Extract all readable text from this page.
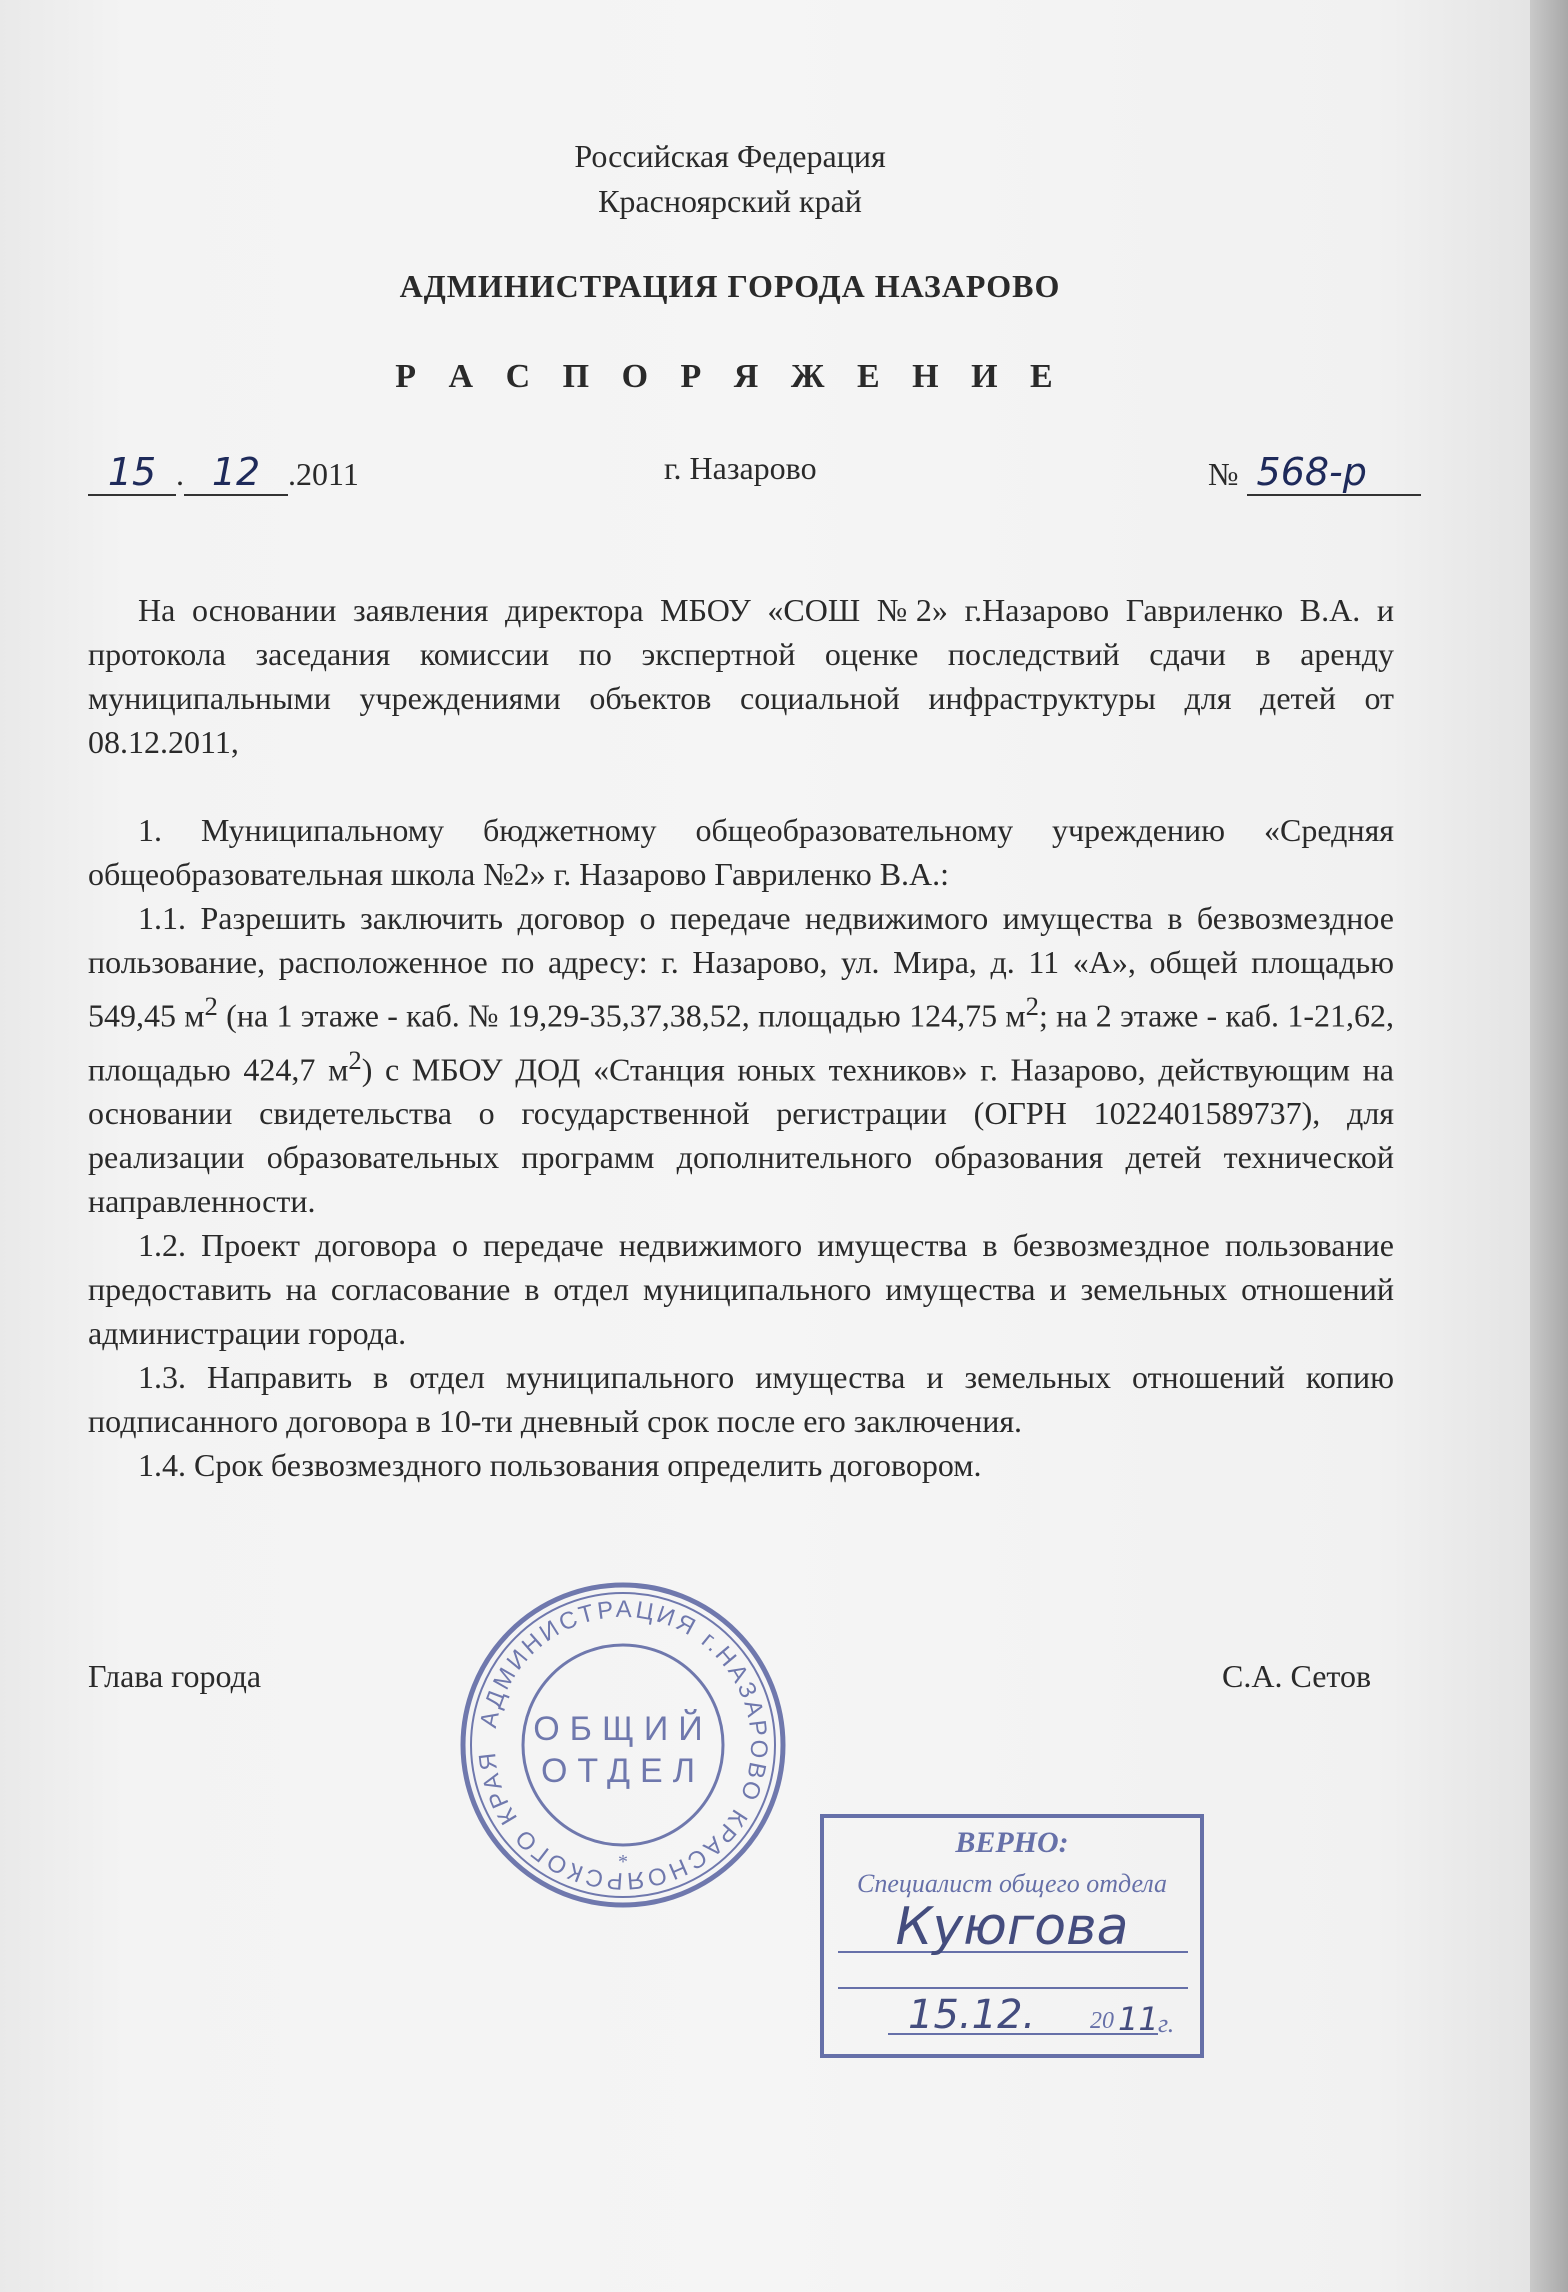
Российская Федерация
Красноярский край
АДМИНИСТРАЦИЯ ГОРОДА НАЗАРОВО
Р А С П О Р Я Ж Е Н И Е
15 . 12 .2011	г. Назарово	№ 568-р

На основании заявления директора МБОУ «СОШ №2» г.Назарово Гавриленко В.А. и протокола заседания комиссии по экспертной оценке последствий сдачи в аренду муниципальными учреждениями объектов социальной инфраструктуры для детей от 08.12.2011,

1. Муниципальному бюджетному общеобразовательному учреждению «Средняя общеобразовательная школа №2» г. Назарово Гавриленко В.А.:

1.1. Разрешить заключить договор о передаче недвижимого имущества в безвозмездное пользование, расположенное по адресу: г. Назарово, ул. Мира, д. 11 «А», общей площадью 549,45 $м^2$ (на 1 этаже - каб. № 19,29-35,37,38,52, площадью 124,75 $м^2$; на 2 этаже - каб. 1-21,62, площадью 424,7 $м^2$) с МБОУ ДОД «Станция юных техников» г. Назарово, действующим на основании свидетельства о государственной регистрации (ОГРН 1022401589737), для реализации образовательных программ дополнительного образования детей технической направленности.

1.2. Проект договора о передаче недвижимого имущества в безвозмездное пользование предоставить на согласование в отдел муниципального имущества и земельных отношений администрации города.

1.3. Направить в отдел муниципального имущества и земельных отношений копию подписанного договора в 10-ти дневный срок после его заключения.

1.4. Срок безвозмездного пользования определить договором.

Глава города	С.А. Сетов
АДМИНИСТРАЦИЯ г.НАЗАРОВО КРАСНОЯРСКОГО КРАЯ
ОБЩИЙ
ОТДЕЛ
*
ВЕРНО:
Специалист общего отдела
Куюгова
15.12. 20 11 г.
